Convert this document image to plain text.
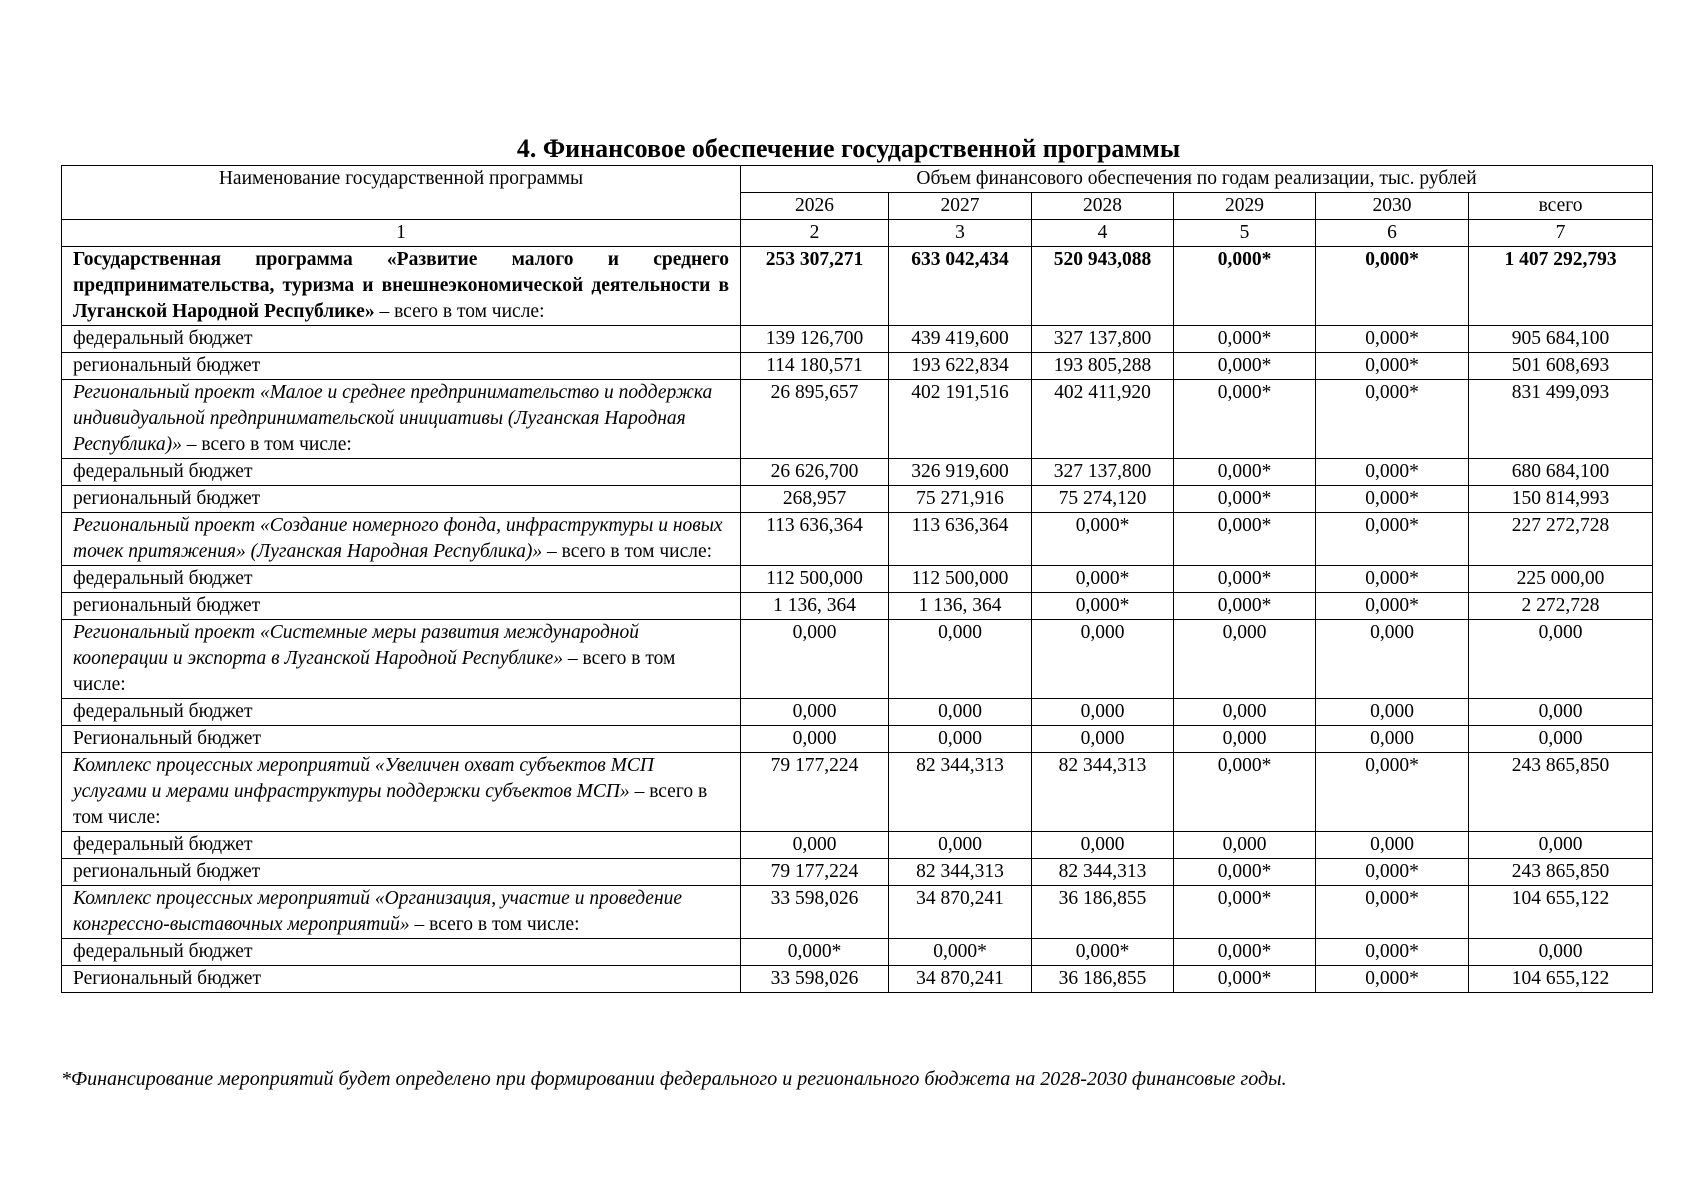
4. Финансовое обеспечение государственной программы
Наименование государственной программы	Объем финансового обеспечения по годам реализации, тыс. рублей					
	2026	2027	2028	2029	2030	всего
1	2	3	4	5	6	7
Государственная программа «Развитие малого и среднего предпринимательства, туризма и внешнеэкономической деятельности в Луганской Народной Республике» – всего в том числе:	253 307,271	633 042,434	520 943,088	0,000*	0,000*	1 407 292,793
федеральный бюджет	139 126,700	439 419,600	327 137,800	0,000*	0,000*	905 684,100
региональный бюджет	114 180,571	193 622,834	193 805,288	0,000*	0,000*	501 608,693
Региональный проект «Малое и среднее предпринимательство и поддержка индивидуальной предпринимательской инициативы (Луганская Народная Республика)» – всего в том числе:	26 895,657	402 191,516	402 411,920	0,000*	0,000*	831 499,093
федеральный бюджет	26 626,700	326 919,600	327 137,800	0,000*	0,000*	680 684,100
региональный бюджет	268,957	75 271,916	75 274,120	0,000*	0,000*	150 814,993
Региональный проект «Создание номерного фонда, инфраструктуры и новых точек притяжения» (Луганская Народная Республика)» – всего в том числе:	113 636,364	113 636,364	0,000*	0,000*	0,000*	227 272,728
федеральный бюджет	112 500,000	112 500,000	0,000*	0,000*	0,000*	225 000,00
региональный бюджет	1 136, 364	1 136, 364	0,000*	0,000*	0,000*	2 272,728
Региональный проект «Системные меры развития международной кооперации и экспорта в Луганской Народной Республике» – всего в том числе:	0,000	0,000	0,000	0,000	0,000	0,000
федеральный бюджет	0,000	0,000	0,000	0,000	0,000	0,000
Региональный бюджет	0,000	0,000	0,000	0,000	0,000	0,000
Комплекс процессных мероприятий «Увеличен охват субъектов МСП услугами и мерами инфраструктуры поддержки субъектов МСП» – всего в том числе:	79 177,224	82 344,313	82 344,313	0,000*	0,000*	243 865,850
федеральный бюджет	0,000	0,000	0,000	0,000	0,000	0,000
региональный бюджет	79 177,224	82 344,313	82 344,313	0,000*	0,000*	243 865,850
Комплекс процессных мероприятий «Организация, участие и проведение конгрессно-выставочных мероприятий» – всего в том числе:	33 598,026	34 870,241	36 186,855	0,000*	0,000*	104 655,122
федеральный бюджет	0,000*	0,000*	0,000*	0,000*	0,000*	0,000
Региональный бюджет	33 598,026	34 870,241	36 186,855	0,000*	0,000*	104 655,122
*Финансирование мероприятий будет определено при формировании федерального и регионального бюджета на 2028-2030 финансовые годы.
